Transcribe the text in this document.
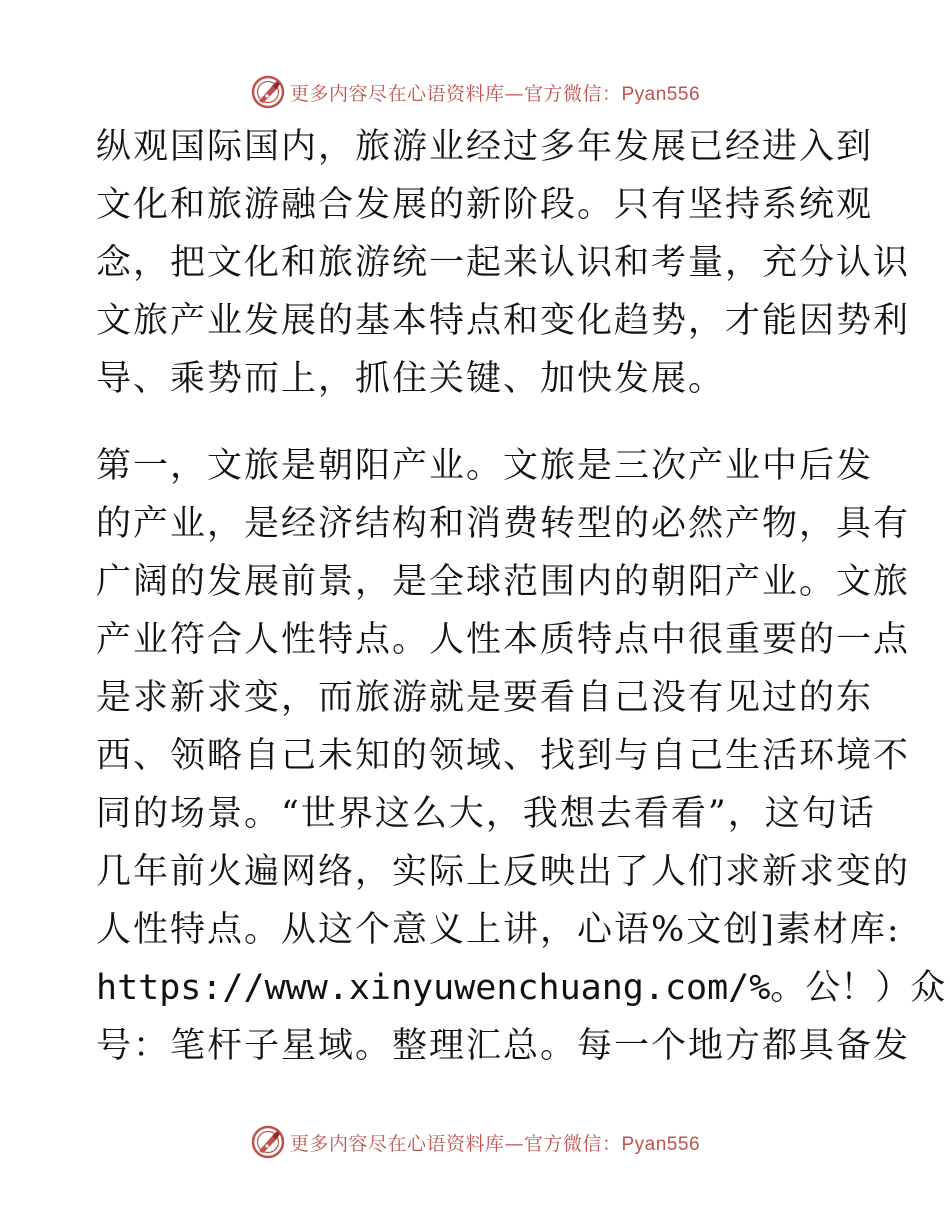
更多内容尽在心语资料库—官方微信：Pyan556
纵观国际国内，旅游业经过多年发展已经进入到
文化和旅游融合发展的新阶段。只有坚持系统观
念，把文化和旅游统一起来认识和考量，充分认识
文旅产业发展的基本特点和变化趋势，才能因势利
导、乘势而上，抓住关键、加快发展。
第一，文旅是朝阳产业。文旅是三次产业中后发
的产业，是经济结构和消费转型的必然产物，具有
广阔的发展前景，是全球范围内的朝阳产业。文旅
产业符合人性特点。人性本质特点中很重要的一点
是求新求变，而旅游就是要看自己没有见过的东
西、领略自己未知的领域、找到与自己生活环境不
同的场景。“世界这么大，我想去看看”，这句话
几年前火遍网络，实际上反映出了人们求新求变的
人性特点。从这个意义上讲，心语%文创]素材库:
https://www.xinyuwenchuang.com/%。公！）众
号：笔杆子星域。整理汇总。每一个地方都具备发
更多内容尽在心语资料库—官方微信：Pyan556
